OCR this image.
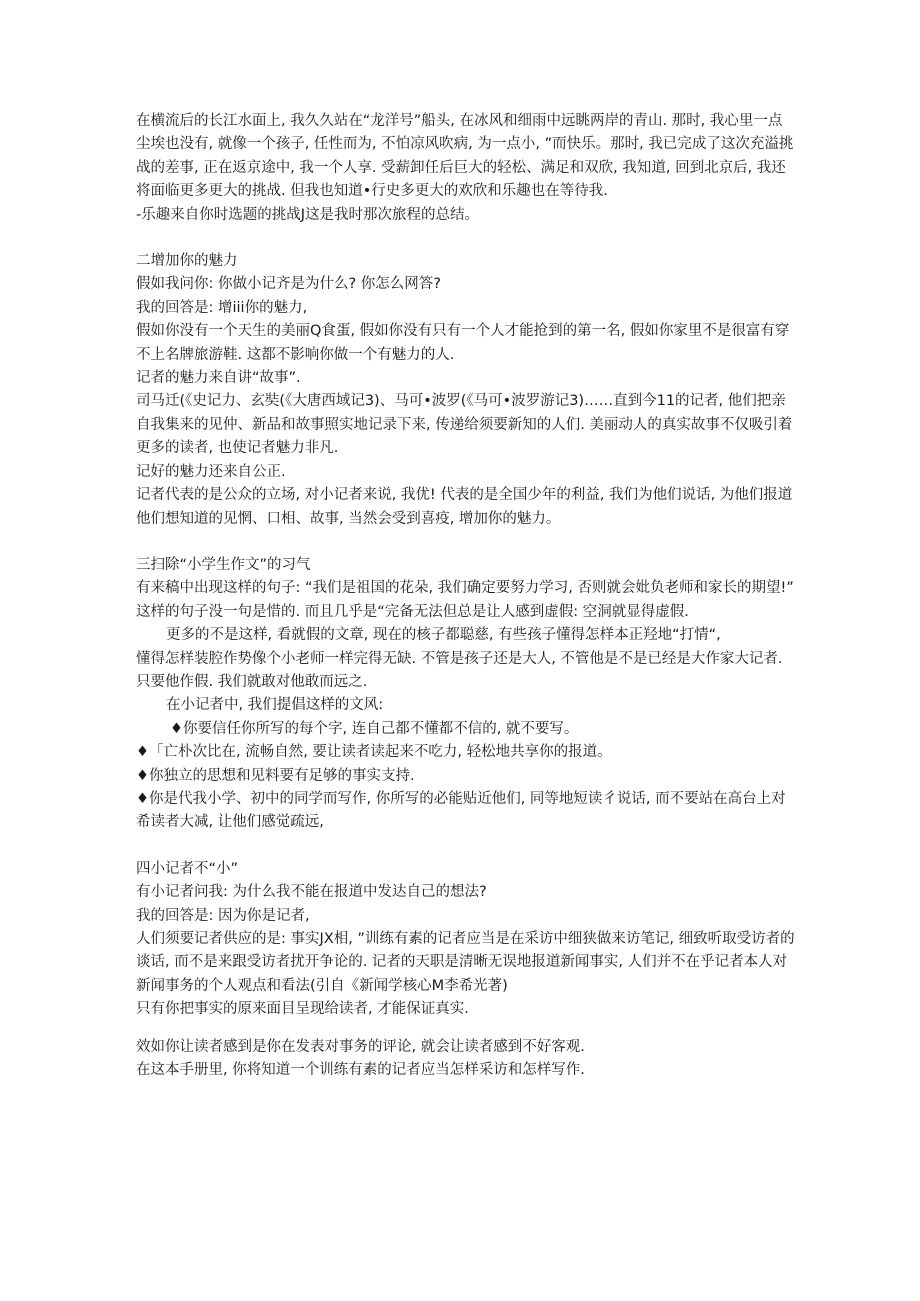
在横流后的长江水面上, 我久久站在“龙洋号”船头, 在冰风和细雨中远眺两岸的青山. 那时, 我心里一点尘埃也没有, 就像一个孩子, 任性而为, 不怕凉风吹病, 为一点小, ”而快乐。那时, 我已完成了这次充溢挑战的差事, 正在返京途中, 我一个人享. 受薪卸任后巨大的轻松、满足和双欣, 我知道, 回到北京后, 我还将面临更多更大的挑战. 但我也知道•行史多更大的欢欣和乐趣也在等待我.

-乐趣来自你时选题的挑战J这是我时那次旅程的总结。

二增加你的魅力

假如我问你: 你做小记齐是为什么? 你怎么网答?

我的回答是: 增iii你的魅力,

假如你没有一个天生的美丽Q食蛋, 假如你没有只有一个人才能抢到的第一名, 假如你家里不是很富有穿不上名牌旅游鞋. 这都不影响你做一个有魅力的人.

记者的魅力来自讲“故事”.

司马迁(《史记力、玄奘(《大唐西域记3)、马可•波罗(《马可•波罗游记3)……直到今11的记者, 他们把亲自我集来的见仲、新品和故事照实地记录下来, 传递给须要新知的人们. 美丽动人的真实故事不仅吸引着更多的读者, 也使记者魅力非凡.

记好的魅力还来自公正.

记者代表的是公众的立场, 对小记者来说, 我优! 代表的是全国少年的利益, 我们为他们说话, 为他们报道他们想知道的见惘、口相、故事, 当然会受到喜疫, 增加你的魅力。

三扫除“小学生作文”的习气

有来稿中出现这样的句子: “我们是祖国的花朵, 我们确定要努力学习, 否则就会妣负老师和家长的期望!”

这样的句子没一句是惜的. 而且几乎是“完备无法但总是让人感到虚假: 空洞就显得虚假.

更多的不是这样, 看就假的文章, 现在的核子都聪慈, 有些孩子懂得怎样本正羟地“打情“,

懂得怎样装腔作势像个小老师一样完得无缺. 不管是孩子还是大人, 不管他是不是已经是大作家大记者. 只要他作假. 我们就敢对他敢而远之.

在小记者中, 我们提倡这样的文风:

♦你要信任你所写的每个字, 连自己都不懂都不信的, 就不要写。

♦「亡朴次比在, 流畅自然, 要让读者读起来不吃力, 轻松地共享你的报道。

♦你独立的思想和见料要有足够的事实支持.

♦你是代我小学、初中的同学而写作, 你所写的必能贴近他们, 同等地短读彳说话, 而不要站在高台上对希读者大减, 让他们感觉疏远,

四小记者不“小”

有小记者问我: 为什么我不能在报道中发达自己的想法?

我的回答是: 因为你是记者,

人们须要记者供应的是: 事实JX相, ”训练有素的记者应当是在采访中细狭做来访笔记, 细致听取受访者的谈话, 而不是来跟受访者扰开争论的. 记者的天职是清晰无误地报道新闻事实, 人们并不在乎记者本人对新闻事务的个人观点和看法(引自《新闻学核心M李希光著)

只有你把事实的原来面目呈现给读者, 才能保证真实.

效如你让读者感到是你在发表对事务的评论, 就会让读者感到不好客观.

在这本手册里, 你将知道一个训练有素的记者应当怎样采访和怎样写作.
